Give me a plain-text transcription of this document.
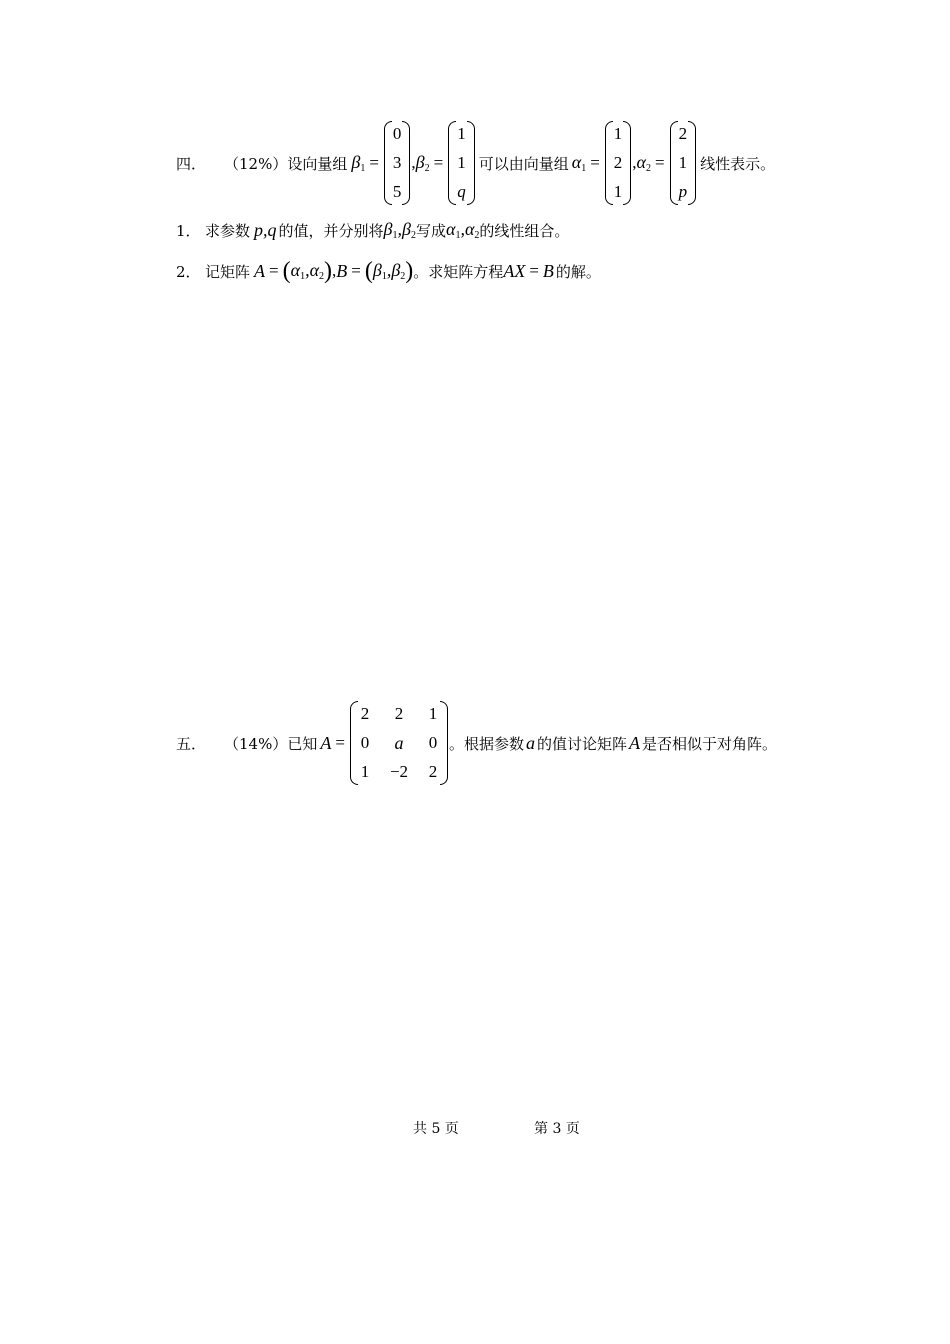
四．	（12%）设向量组 $\beta_1$ =
0
3
5
, $\beta_2$ =
1
1
q
可以由向量组 $\alpha_1$ =
1
2
1
, $\alpha_2$ =
2
1
p
线性表示。
1． 求参数 p,q 的值，并分别将 $\beta_1,\beta_2$ 写成 $\alpha_1,\alpha_2$ 的线性组合。
2． 记矩阵 A = ( $\alpha_1,\alpha_2$ ) , B = ( $\beta_1,\beta_2$ ) 。求矩阵方程 AX = B 的解。
五．	（14%）已知 A =
2 2 1
0 a 0
1 −2 2
。根据参数 a 的值讨论矩阵 A 是否相似于对角阵。
共 5 页	第 3 页
